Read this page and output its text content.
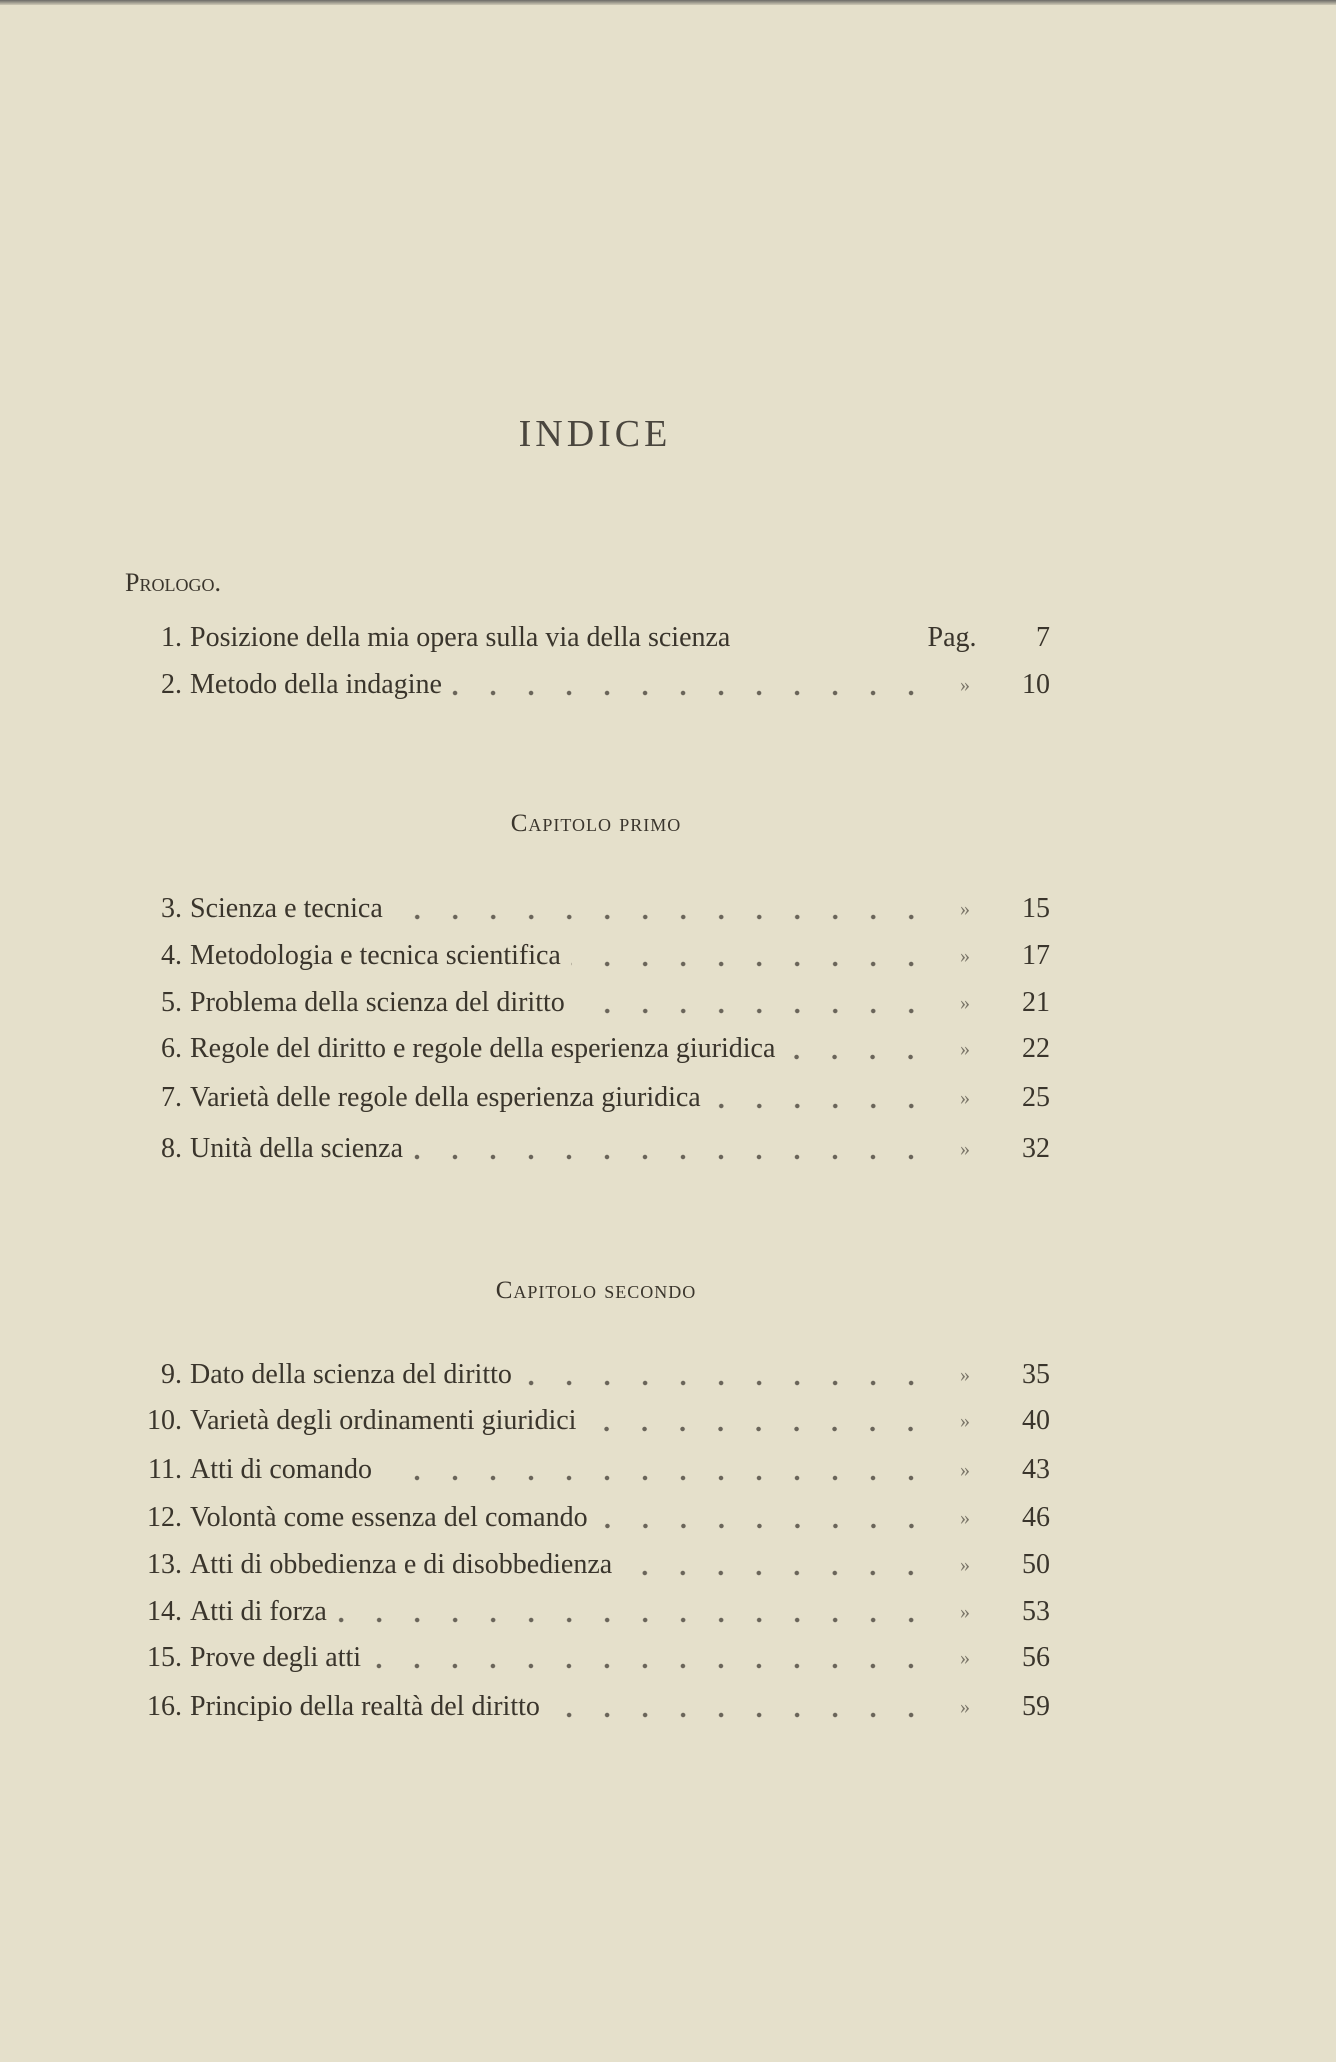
INDICE
Prologo.
Capitolo primo
Capitolo secondo
1. Posizione della mia opera sulla via della scienza	Pag.	7
2. Metodo della indagine	»	10
3. Scienza e tecnica	»	15
4. Metodologia e tecnica scientifica	»	17
5. Problema della scienza del diritto	»	21
6. Regole del diritto e regole della esperienza giuridica	»	22
7. Varietà delle regole della esperienza giuridica	»	25
8. Unità della scienza	»	32
9. Dato della scienza del diritto	»	35
10. Varietà degli ordinamenti giuridici	»	40
11. Atti di comando	»	43
12. Volontà come essenza del comando	»	46
13. Atti di obbedienza e di disobbedienza	»	50
14. Atti di forza	»	53
15. Prove degli atti	»	56
16. Principio della realtà del diritto	»	59
